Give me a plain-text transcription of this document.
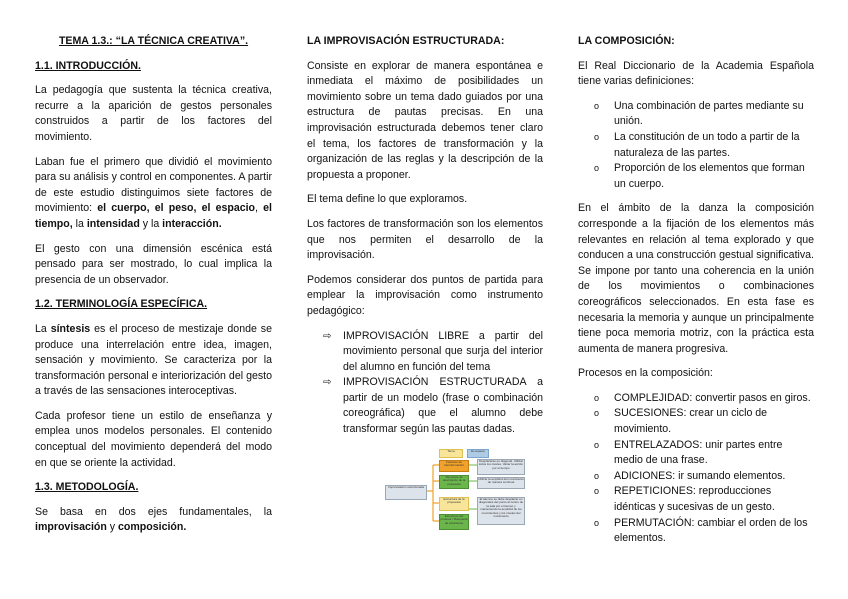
TEMA 1.3.: “LA TÉCNICA CREATIVA”.
1.1. INTRODUCCIÓN.

La pedagogía que sustenta la técnica creativa, recurre a la aparición de gestos personales construidos a partir de los factores del movimiento.

Laban fue el primero que dividió el movimiento para su análisis y control en componentes. A partir de este estudio distinguimos siete factores de movimiento: el cuerpo, el peso, el espacio, el tiempo, la intensidad y la interacción.

El gesto con una dimensión escénica está pensado para ser mostrado, lo cual implica la presencia de un observador.

1.2. TERMINOLOGÍA ESPECÍFICA.

La síntesis es el proceso de mestizaje donde se produce una interrelación entre idea, imagen, sensación y movimiento. Se caracteriza por la transformación personal e interiorización del gesto a través de las sensaciones interoceptivas.

Cada profesor tiene un estilo de enseñanza y emplea unos modelos personales. El contenido conceptual del movimiento dependerá del modo en que se oriente la actividad.

1.3. METODOLOGÍA.

Se basa en dos ejes fundamentales, la improvisación y composición.

LA IMPROVISACIÓN ESTRUCTURADA:

Consiste en explorar de manera espontánea e inmediata el máximo de posibilidades un movimiento sobre un tema dado guiados por una estructura de pautas precisas. En una improvisación estructurada debemos tener claro el tema, los factores de transformación y la organización de las reglas y la descripción de la propuesta a proponer.

El tema define lo que exploramos.

Los factores de transformación son los elementos que nos permiten el desarrollo de la improvisación.

Podemos considerar dos puntos de partida para emplear la improvisación como instrumento pedagógico:

⇨ IMPROVISACIÓN LIBRE a partir del movimiento personal que surja del interior del alumno en función del tema
⇨ IMPROVISACIÓN ESTRUCTURADA a partir de un modelo (frase o combinación coreográfica) que el alumno debe transformar según las pautas dadas.
Improvisación estructurada
Tema	El espacio
Factores de transformación
Recursos de descripción de la propuesta
Estructura de la propuesta
Estructura del profesor / Búsqueda de soluciones
Desplazarse en diagonal. Utilizar todos los niveles. Variar la acción por el tiempo
Utilizar la amplitud del movimiento de manera continua
El alumno se debe desplazar en diagonales del punto al centro de la sala por el tiempo y manteniendo la amplitud de los movimientos y los niveles del movimiento
LA COMPOSICIÓN:

El Real Diccionario de la Academia Española tiene varias definiciones:

o Una combinación de partes mediante su unión.
o La constitución de un todo a partir de la naturaleza de las partes.
o Proporción de los elementos que forman un cuerpo.

En el ámbito de la danza la composición corresponde a la fijación de los elementos más relevantes en relación al tema explorado y que conducen a una construcción gestual significativa. Se impone por tanto una coherencia en la unión de los movimientos o combinaciones coreográficos seleccionados. En esta fase es necesaria la memoria y aunque un principalmente tiene poca memoria motriz, con la práctica esta aumenta de manera progresiva.

Procesos en la composición:

o COMPLEJIDAD: convertir pasos en giros.
o SUCESIONES: crear un ciclo de movimiento.
o ENTRELAZADOS: unir partes entre medio de una frase.
o ADICIONES: ir sumando elementos.
o REPETICIONES: reproducciones idénticas y sucesivas de un gesto.
o PERMUTACIÓN: cambiar el orden de los elementos.
